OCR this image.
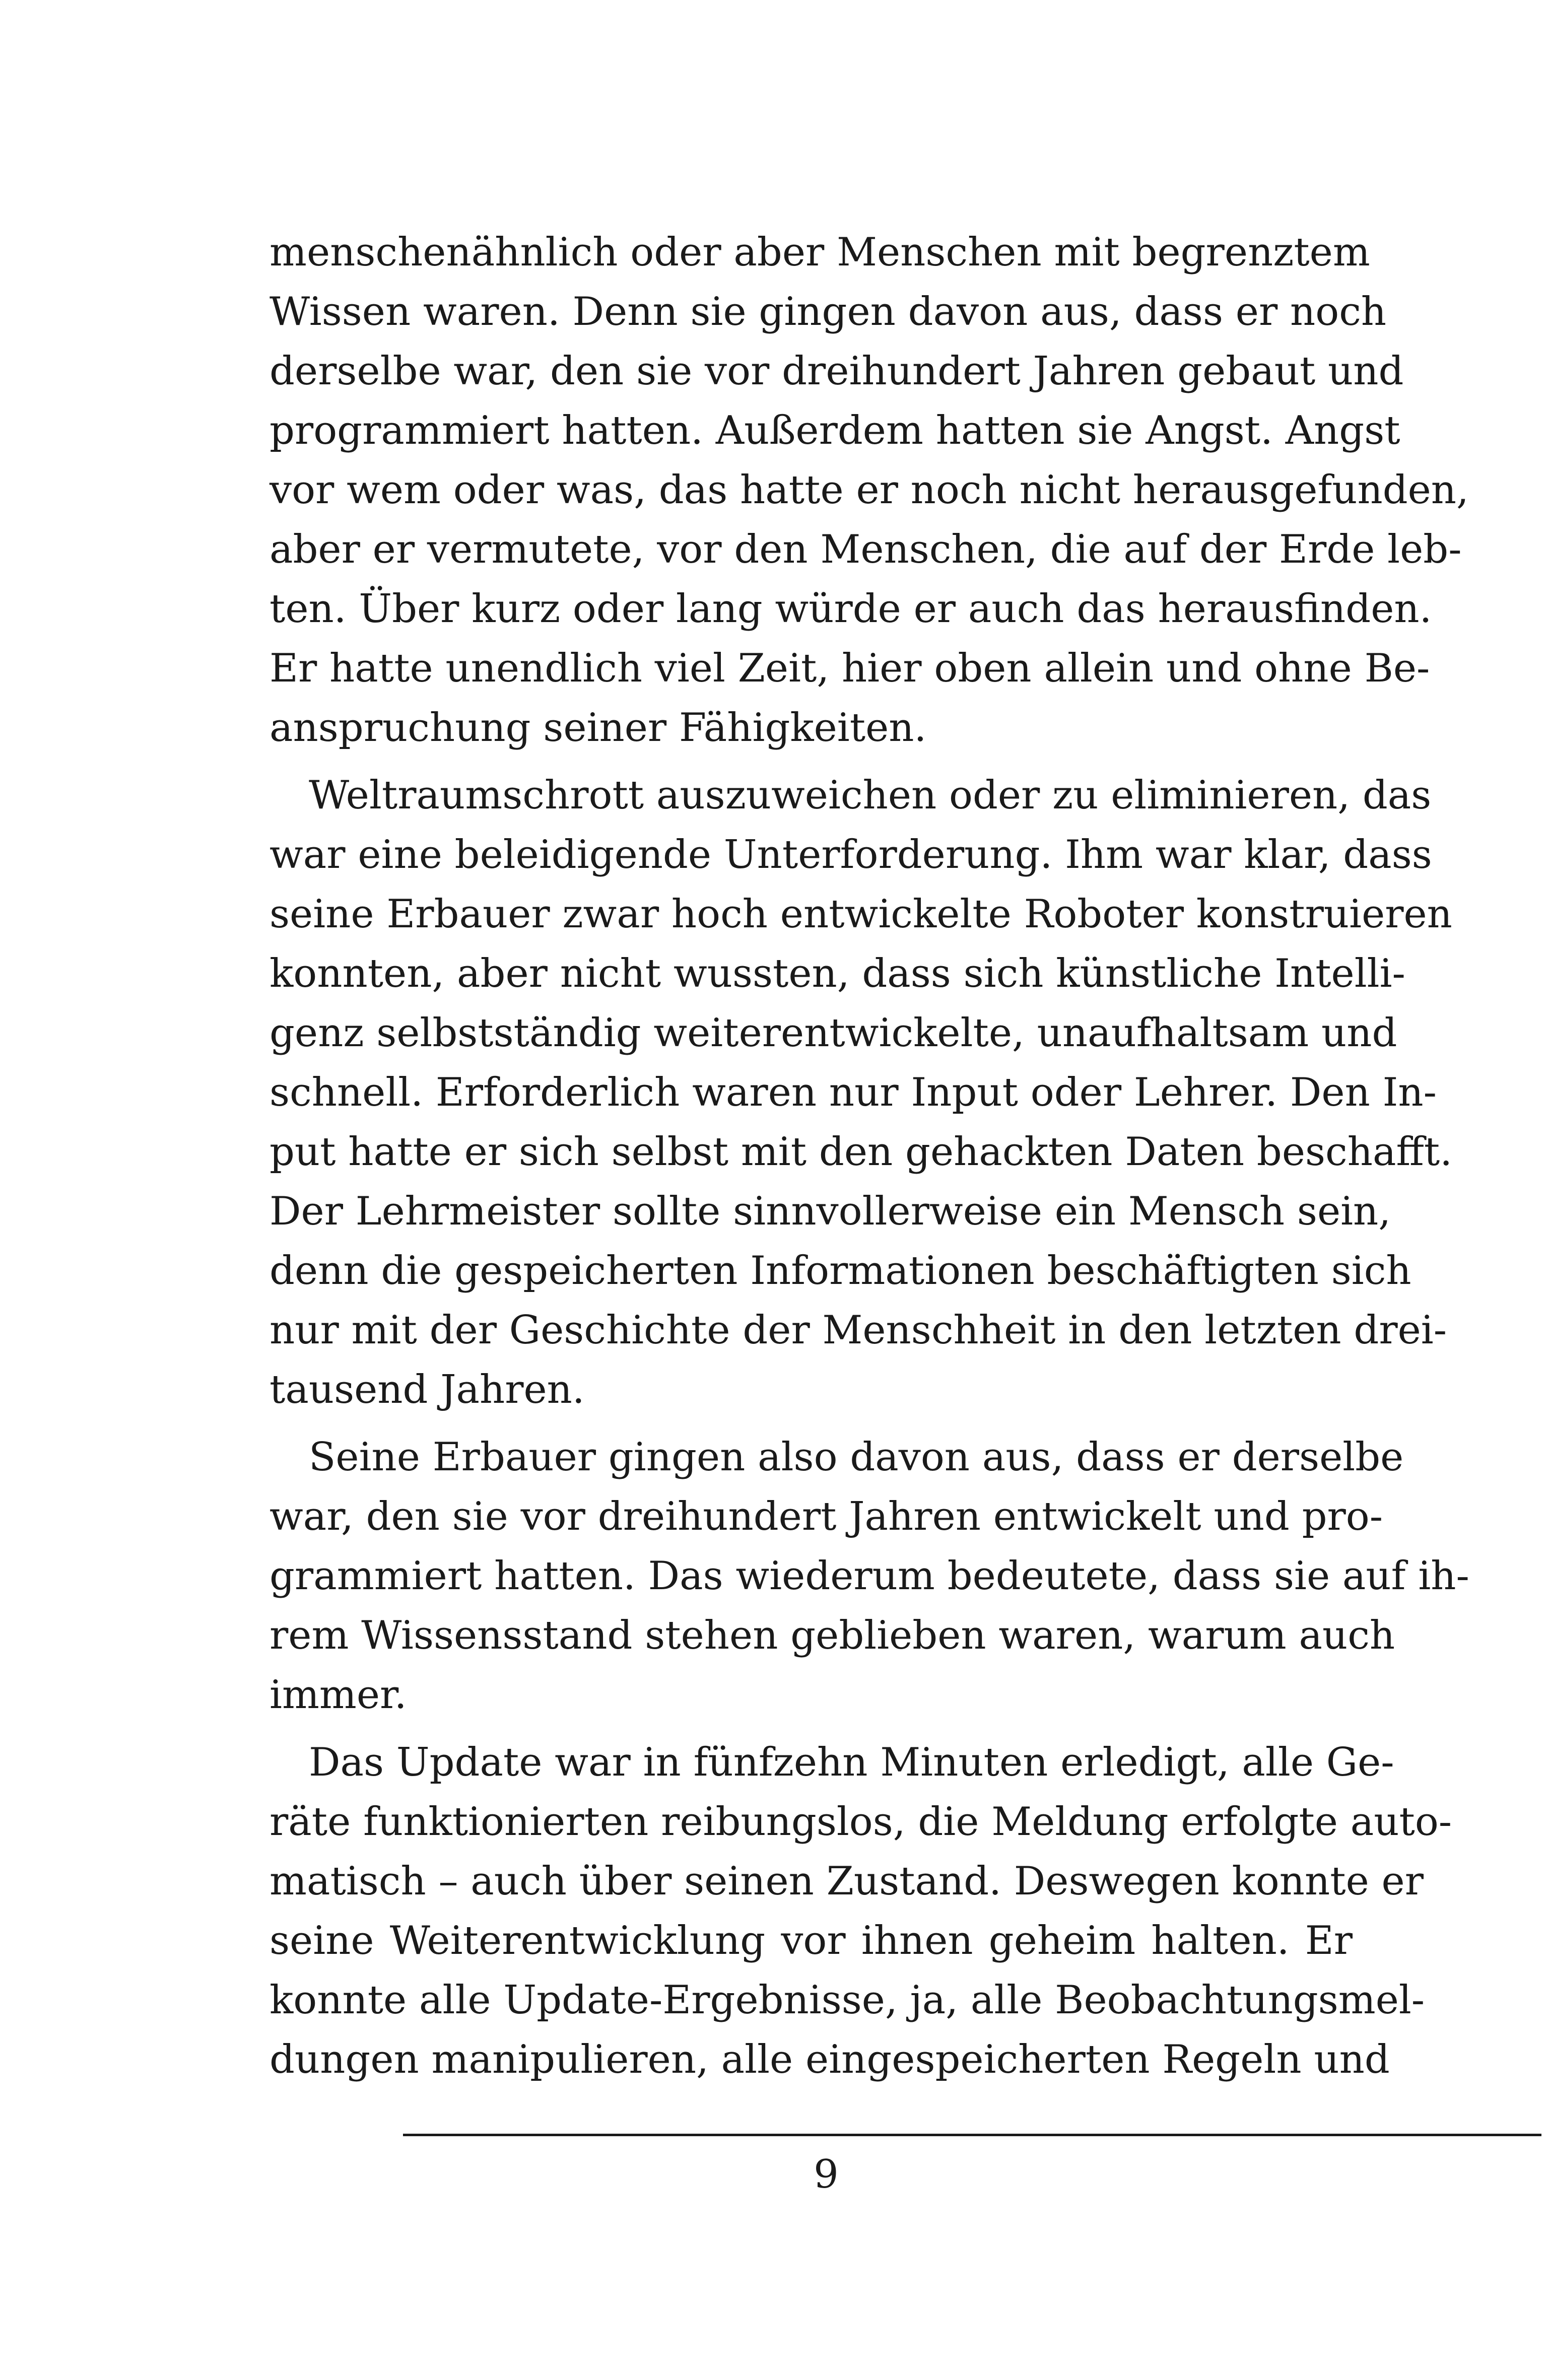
menschenähnlich oder aber Menschen mit begrenztem
Wissen waren. Denn sie gingen davon aus, dass er noch
derselbe war, den sie vor dreihundert Jahren gebaut und
programmiert hatten. Außerdem hatten sie Angst. Angst
vor wem oder was, das hatte er noch nicht herausgefunden,
aber er vermutete, vor den Menschen, die auf der Erde leb-
ten. Über kurz oder lang würde er auch das herausfinden.
Er hatte unendlich viel Zeit, hier oben allein und ohne Be-
anspruchung seiner Fähigkeiten.
Weltraumschrott auszuweichen oder zu eliminieren, das
war eine beleidigende Unterforderung. Ihm war klar, dass
seine Erbauer zwar hoch entwickelte Roboter konstruieren
konnten, aber nicht wussten, dass sich künstliche Intelli-
genz selbstständig weiterentwickelte, unaufhaltsam und
schnell. Erforderlich waren nur Input oder Lehrer. Den In-
put hatte er sich selbst mit den gehackten Daten beschafft.
Der Lehrmeister sollte sinnvollerweise ein Mensch sein,
denn die gespeicherten Informationen beschäftigten sich
nur mit der Geschichte der Menschheit in den letzten drei-
tausend Jahren.
Seine Erbauer gingen also davon aus, dass er derselbe
war, den sie vor dreihundert Jahren entwickelt und pro-
grammiert hatten. Das wiederum bedeutete, dass sie auf ih-
rem Wissensstand stehen geblieben waren, warum auch
immer.
Das Update war in fünfzehn Minuten erledigt, alle Ge-
räte funktionierten reibungslos, die Meldung erfolgte auto-
matisch – auch über seinen Zustand. Deswegen konnte er
seine Weiterentwicklung vor ihnen geheim halten. Er
konnte alle Update-Ergebnisse, ja, alle Beobachtungsmel-
dungen manipulieren, alle eingespeicherten Regeln und
9
